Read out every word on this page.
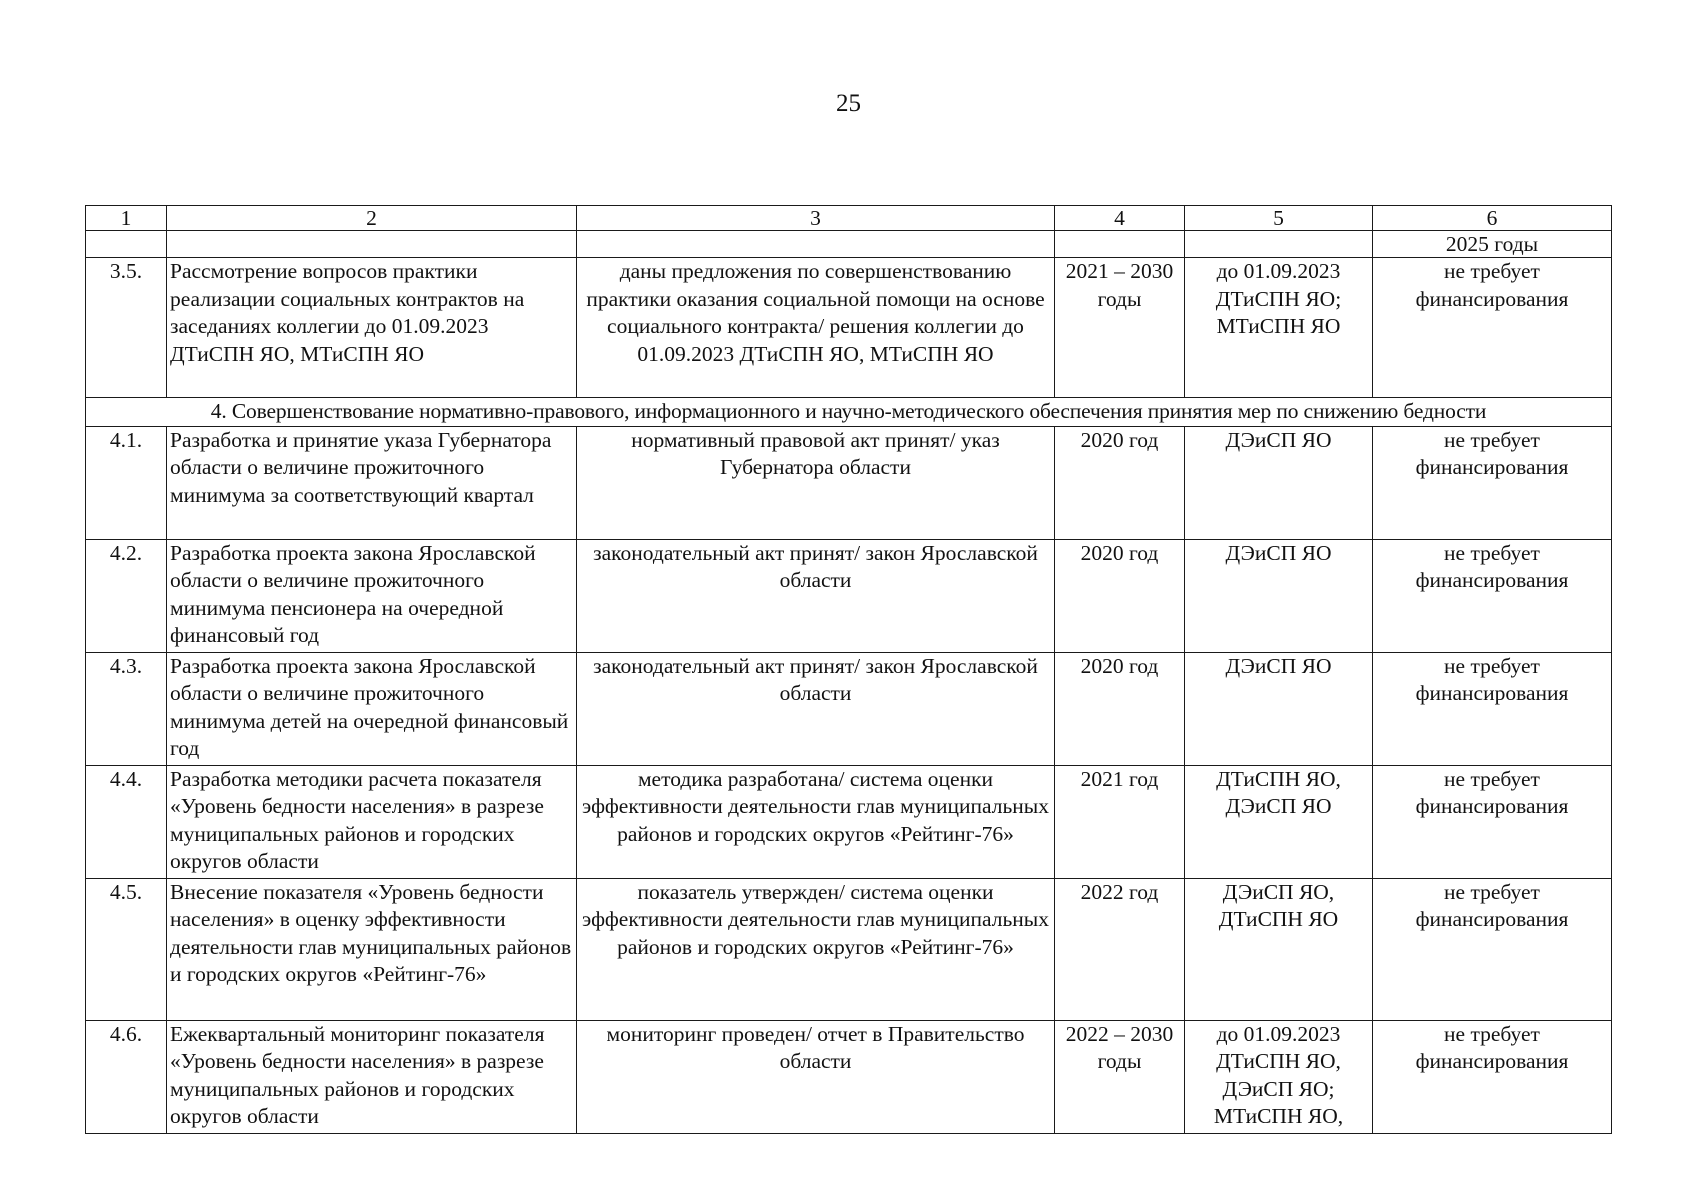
25
1	2	3	4	5	6
					2025 годы
3.5.	Рассмотрение вопросов практики реализации социальных контрактов на заседаниях коллегии до 01.09.2023 ДТиСПН ЯО, МТиСПН ЯО	даны предложения по совершенствованию практики оказания социальной помощи на основе социального контракта/ решения коллегии до 01.09.2023 ДТиСПН ЯО, МТиСПН ЯО	2021 – 2030 годы	до 01.09.2023 ДТиСПН ЯО; МТиСПН ЯО	не требует финансирования
4. Совершенствование нормативно-правового, информационного и научно-методического обеспечения принятия мер по снижению бедности					
4.1.	Разработка и принятие указа Губернатора области о величине прожиточного минимума за соответствующий квартал	нормативный правовой акт принят/ указ Губернатора области	2020 год	ДЭиСП ЯО	не требует финансирования
4.2.	Разработка проекта закона Ярославской области о величине прожиточного минимума пенсионера на очередной финансовый год	законодательный акт принят/ закон Ярославской области	2020 год	ДЭиСП ЯО	не требует финансирования
4.3.	Разработка проекта закона Ярославской области о величине прожиточного минимума детей на очередной финансовый год	законодательный акт принят/ закон Ярославской области	2020 год	ДЭиСП ЯО	не требует финансирования
4.4.	Разработка методики расчета показателя «Уровень бедности населения» в разрезе муниципальных районов и городских округов области	методика разработана/ система оценки эффективности деятельности глав муниципальных районов и городских округов «Рейтинг-76»	2021 год	ДТиСПН ЯО, ДЭиСП ЯО	не требует финансирования
4.5.	Внесение показателя «Уровень бедности населения» в оценку эффективности деятельности глав муниципальных районов и городских округов «Рейтинг-76»	показатель утвержден/ система оценки эффективности деятельности глав муниципальных районов и городских округов «Рейтинг-76»	2022 год	ДЭиСП ЯО, ДТиСПН ЯО	не требует финансирования
4.6.	Ежеквартальный мониторинг показателя «Уровень бедности населения» в разрезе муниципальных районов и городских округов области	мониторинг проведен/ отчет в Правительство области	2022 – 2030 годы	до 01.09.2023 ДТиСПН ЯО, ДЭиСП ЯО; МТиСПН ЯО,	не требует финансирования
